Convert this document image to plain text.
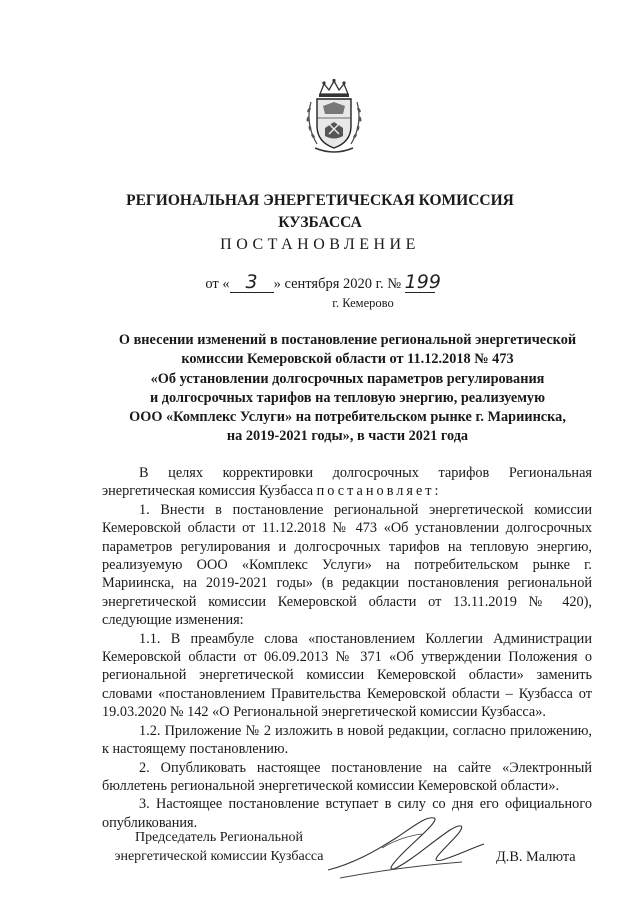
РЕГИОНАЛЬНАЯ ЭНЕРГЕТИЧЕСКАЯ КОМИССИЯ
КУЗБАССА
ПОСТАНОВЛЕНИЕ
от « 3 » сентября 2020 г. № 199
г. Кемерово
О внесении изменений в постановление региональной энергетической
комиссии Кемеровской области от 11.12.2018 № 473
«Об установлении долгосрочных параметров регулирования
и долгосрочных тарифов на тепловую энергию, реализуемую
ООО «Комплекс Услуги» на потребительском рынке г. Мариинска,
на 2019-2021 годы», в части 2021 года

В целях корректировки долгосрочных тарифов Региональная энергетическая комиссия Кузбасса постановляет:

1. Внести в постановление региональной энергетической комиссии Кемеровской области от 11.12.2018 № 473 «Об установлении долгосрочных параметров регулирования и долгосрочных тарифов на тепловую энергию, реализуемую ООО «Комплекс Услуги» на потребительском рынке г. Мариинска, на 2019-2021 годы» (в редакции постановления региональной энергетической комиссии Кемеровской области от 13.11.2019 № 420), следующие изменения:

1.1. В преамбуле слова «постановлением Коллегии Администрации Кемеровской области от 06.09.2013 № 371 «Об утверждении Положения о региональной энергетической комиссии Кемеровской области» заменить словами «постановлением Правительства Кемеровской области – Кузбасса от 19.03.2020 № 142 «О Региональной энергетической комиссии Кузбасса».

1.2. Приложение № 2 изложить в новой редакции, согласно приложению, к настоящему постановлению.

2. Опубликовать настоящее постановление на сайте «Электронный бюллетень региональной энергетической комиссии Кемеровской области».

3. Настоящее постановление вступает в силу со дня его официального опубликования.

Председатель Региональной
энергетической комиссии Кузбасса	Д.В. Малюта
